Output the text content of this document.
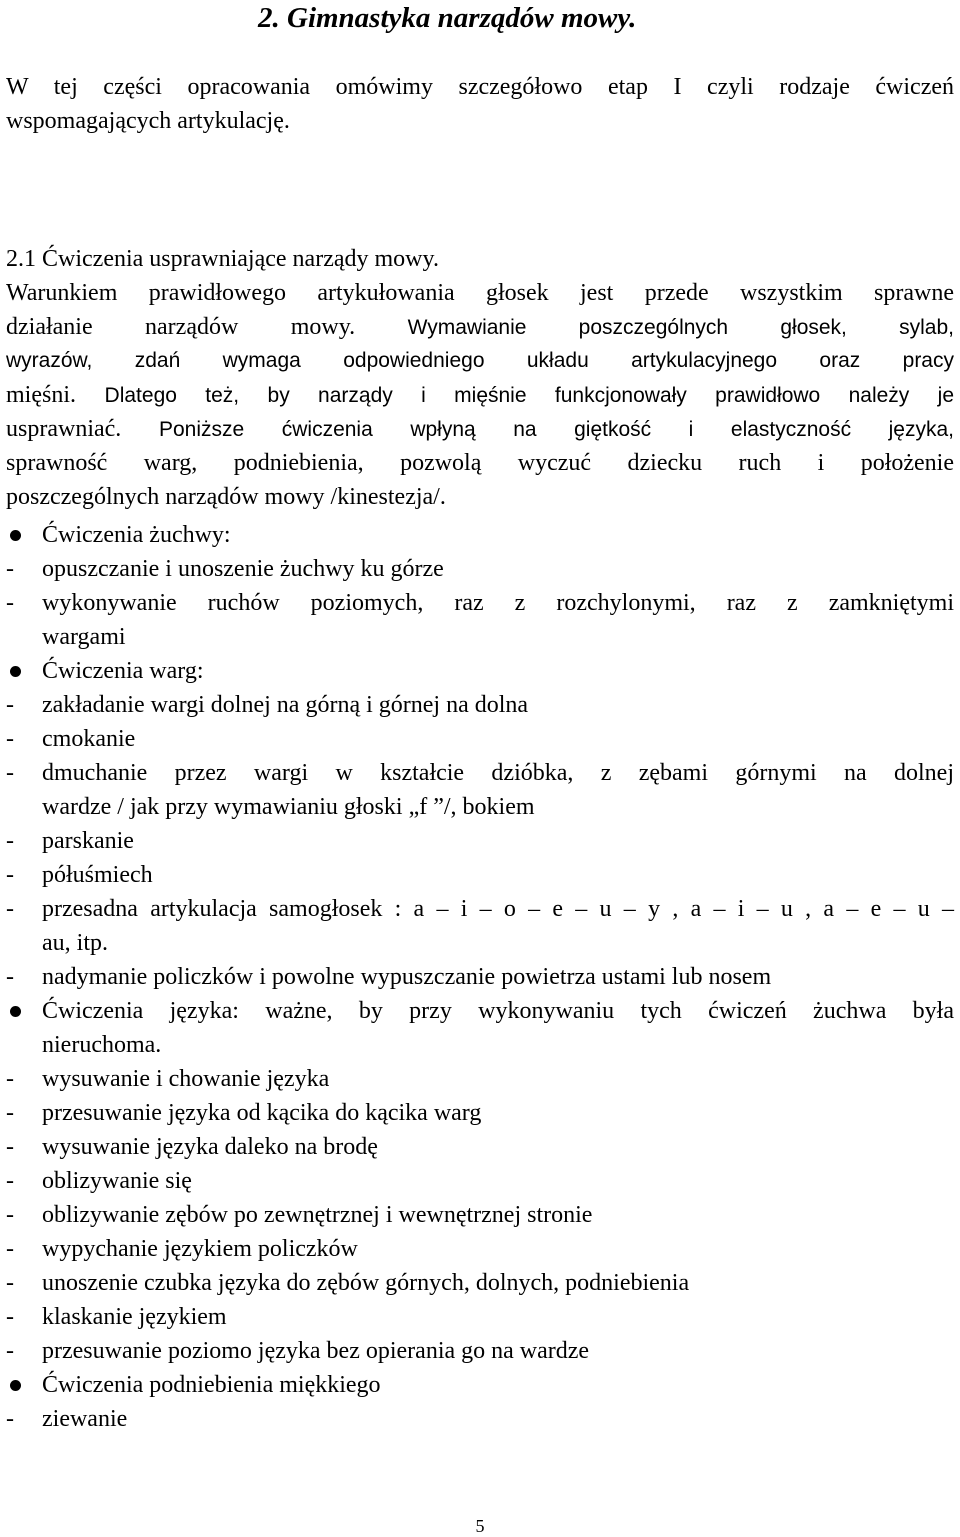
2. Gimnastyka narządów mowy.
W tej części opracowania omówimy szczegółowo etap I czyli rodzaje ćwiczeń
wspomagających artykulację.
2.1 Ćwiczenia usprawniające narządy mowy.
Warunkiem prawidłowego artykułowania głosek jest przede wszystkim sprawne
działanie narządów mowy. Wymawianie poszczególnych głosek, sylab,
wyrazów, zdań wymaga odpowiedniego układu artykulacyjnego oraz pracy
mięśni. Dlatego też, by narządy i mięśnie funkcjonowały prawidłowo należy je
usprawniać. Poniższe ćwiczenia wpłyną na giętkość i elastyczność języka,
sprawność warg, podniebienia, pozwolą wyczuć dziecku ruch i położenie
poszczególnych narządów mowy /kinestezja/.
Ćwiczenia żuchwy:
- opuszczanie i unoszenie żuchwy ku górze
- wykonywanie ruchów poziomych, raz z rozchylonymi, raz z zamkniętymi
wargami
Ćwiczenia warg:
- zakładanie wargi dolnej na górną i górnej na dolna
- cmokanie
- dmuchanie przez wargi w kształcie dzióbka, z zębami górnymi na dolnej
wardze / jak przy wymawianiu głoski „f ”/, bokiem
- parskanie
- półuśmiech
- przesadna artykulacja samogłosek : a – i – o – e – u – y , a – i – u , a – e – u –
au, itp.
- nadymanie policzków i powolne wypuszczanie powietrza ustami lub nosem
Ćwiczenia języka: ważne, by przy wykonywaniu tych ćwiczeń żuchwa była
nieruchoma.
- wysuwanie i chowanie języka
- przesuwanie języka od kącika do kącika warg
- wysuwanie języka daleko na brodę
- oblizywanie się
- oblizywanie zębów po zewnętrznej i wewnętrznej stronie
- wypychanie językiem policzków
- unoszenie czubka języka do zębów górnych, dolnych, podniebienia
- klaskanie językiem
- przesuwanie poziomo języka bez opierania go na wardze
Ćwiczenia podniebienia miękkiego
- ziewanie
5
